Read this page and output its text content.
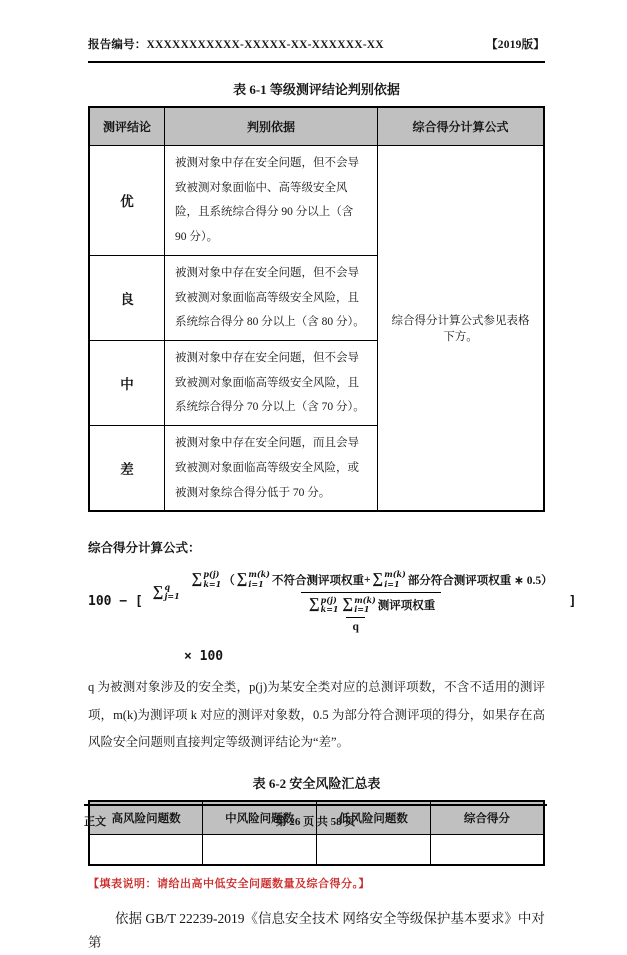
报告编号：XXXXXXXXXXX-XXXXX-XX-XXXXXX-XX	【2019版】
表 6-1 等级测评结论判别依据
测评结论	判别依据	综合得分计算公式
优	被测对象中存在安全问题，但不会导致被测对象面临中、高等级安全风险，且系统综合得分 90 分以上（含 90 分）。	综合得分计算公式参见表格下方。
良	被测对象中存在安全问题，但不会导致被测对象面临高等级安全风险，且系统综合得分 80 分以上（含 80 分）。	
中	被测对象中存在安全问题，但不会导致被测对象面临高等级安全风险，且系统综合得分 70 分以上（含 70 分）。	
差	被测对象中存在安全问题，而且会导致被测对象面临高等级安全风险，或被测对象综合得分低于 70 分。	
综合得分计算公式：
100 − [
∑ q
j=1
∑ p(j)
k=1 （ ∑ m(k)
i=1 不符合测评项权重 + ∑ m(k)
i=1 部分符合测评项权重 ∗ 0.5）
∑ p(j)
k=1 ∑ m(k)
i=1 测评项权重
q
]
× 100
q 为被测对象涉及的安全类，p(j)为某安全类对应的总测评项数，不含不适用的测评项，m(k)为测评项 k 对应的测评对象数，0.5 为部分符合测评项的得分，如果存在高风险安全问题则直接判定等级测评结论为“差”。
表 6-2 安全风险汇总表
高风险问题数	中风险问题数	低风险问题数	综合得分

【填表说明：请给出高中低安全问题数量及综合得分。】
依据 GB/T 22239-2019《信息安全技术 网络安全等级保护基本要求》中对第
正文	第 26 页 共 58 页
